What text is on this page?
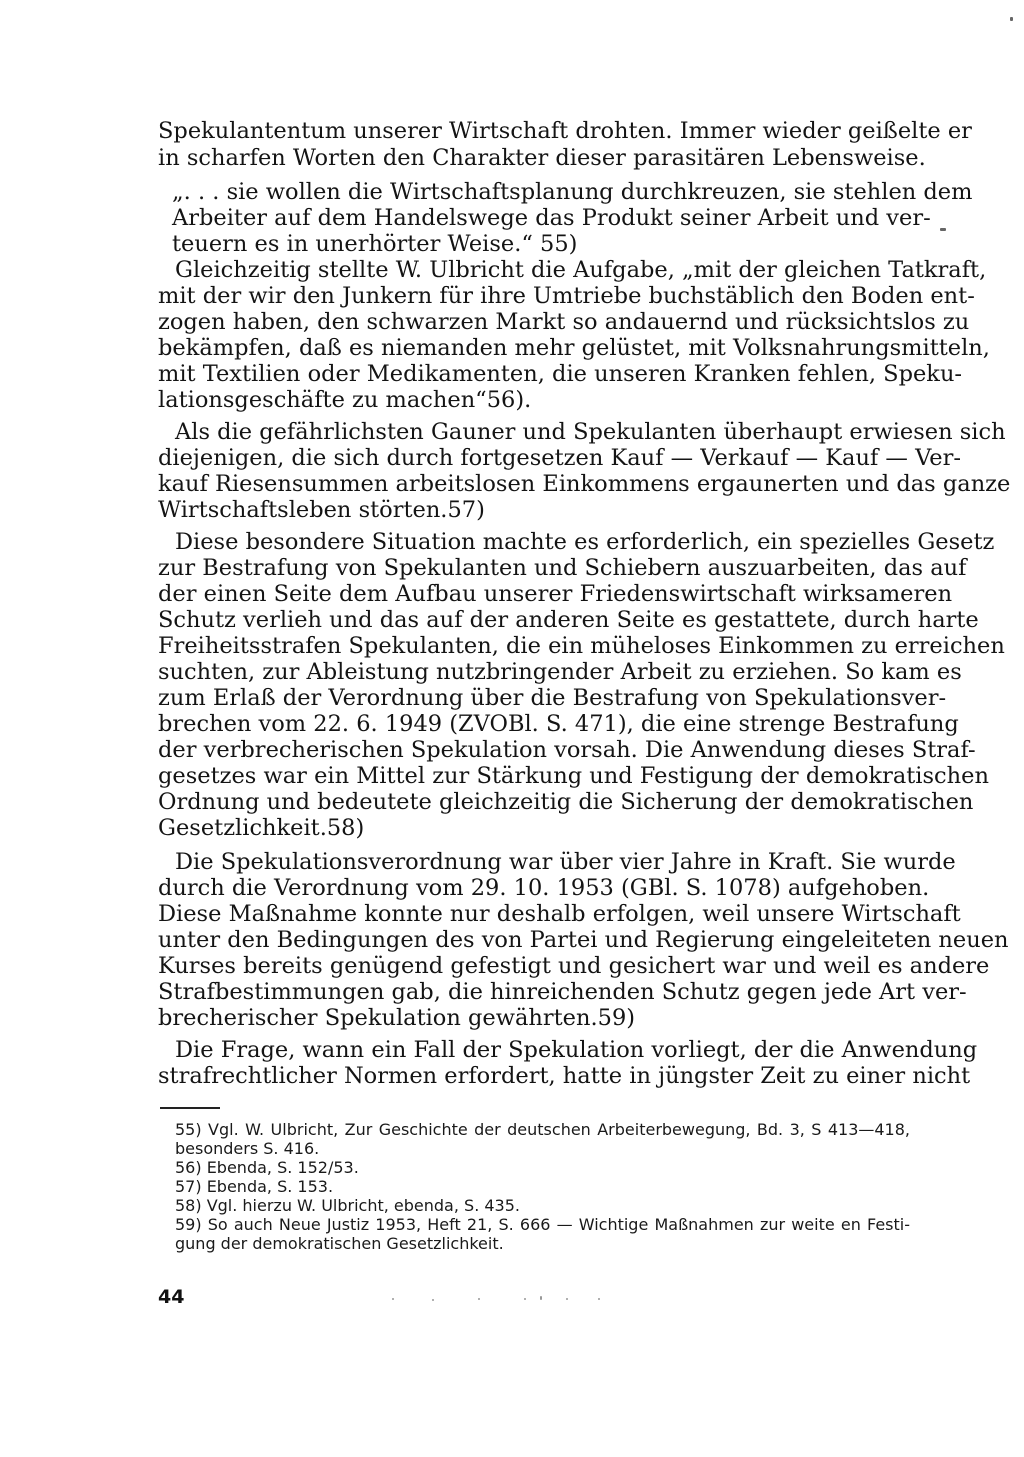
Spekulantentum unserer Wirtschaft drohten. Immer wieder geißelte er
in scharfen Worten den Charakter dieser parasitären Lebensweise.
„. . . sie wollen die Wirtschaftsplanung durchkreuzen, sie stehlen dem
Arbeiter auf dem Handelswege das Produkt seiner Arbeit und ver-
teuern es in unerhörter Weise.“ 55)
Gleichzeitig stellte W. Ulbricht die Aufgabe, „mit der gleichen Tatkraft,
mit der wir den Junkern für ihre Umtriebe buchstäblich den Boden ent-
zogen haben, den schwarzen Markt so andauernd und rücksichtslos zu
bekämpfen, daß es niemanden mehr gelüstet, mit Volksnahrungsmitteln,
mit Textilien oder Medikamenten, die unseren Kranken fehlen, Speku-
lationsgeschäfte zu machen“56).
Als die gefährlichsten Gauner und Spekulanten überhaupt erwiesen sich
diejenigen, die sich durch fortgesetzen Kauf — Verkauf — Kauf — Ver-
kauf Riesensummen arbeitslosen Einkommens ergaunerten und das ganze
Wirtschaftsleben störten.57)
Diese besondere Situation machte es erforderlich, ein spezielles Gesetz
zur Bestrafung von Spekulanten und Schiebern auszuarbeiten, das auf
der einen Seite dem Aufbau unserer Friedenswirtschaft wirksameren
Schutz verlieh und das auf der anderen Seite es gestattete, durch harte
Freiheitsstrafen Spekulanten, die ein müheloses Einkommen zu erreichen
suchten, zur Ableistung nutzbringender Arbeit zu erziehen. So kam es
zum Erlaß der Verordnung über die Bestrafung von Spekulationsver-
brechen vom 22. 6. 1949 (ZVOBl. S. 471), die eine strenge Bestrafung
der verbrecherischen Spekulation vorsah. Die Anwendung dieses Straf-
gesetzes war ein Mittel zur Stärkung und Festigung der demokratischen
Ordnung und bedeutete gleichzeitig die Sicherung der demokratischen
Gesetzlichkeit.58)
Die Spekulationsverordnung war über vier Jahre in Kraft. Sie wurde
durch die Verordnung vom 29. 10. 1953 (GBl. S. 1078) aufgehoben.
Diese Maßnahme konnte nur deshalb erfolgen, weil unsere Wirtschaft
unter den Bedingungen des von Partei und Regierung eingeleiteten neuen
Kurses bereits genügend gefestigt und gesichert war und weil es andere
Strafbestimmungen gab, die hinreichenden Schutz gegen jede Art ver-
brecherischer Spekulation gewährten.59)
Die Frage, wann ein Fall der Spekulation vorliegt, der die Anwendung
strafrechtlicher Normen erfordert, hatte in jüngster Zeit zu einer nicht
55) Vgl. W. Ulbricht, Zur Geschichte der deutschen Arbeiterbewegung, Bd. 3, S 413—418,
besonders S. 416.
56) Ebenda, S. 152/53.
57) Ebenda, S. 153.
58) Vgl. hierzu W. Ulbricht, ebenda, S. 435.
59) So auch Neue Justiz 1953, Heft 21, S. 666 — Wichtige Maßnahmen zur weite en Festi-
gung der demokratischen Gesetzlichkeit.
44
